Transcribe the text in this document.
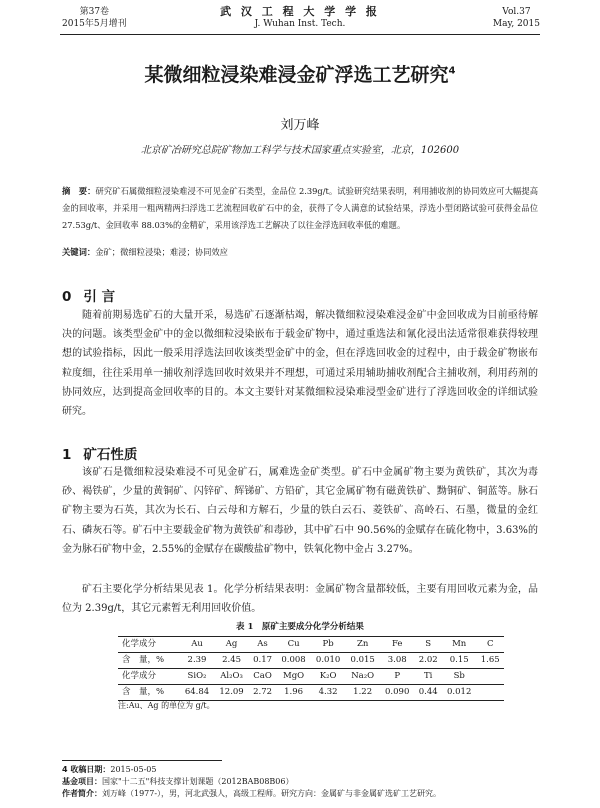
第37卷
2015年5月增刊
武 汉 工 程 大 学 学 报
J. Wuhan Inst. Tech.
Vol.37
May, 2015
某微细粒浸染难浸金矿浮选工艺研究$^4$
刘万峰
北京矿冶研究总院矿物加工科学与技术国家重点实验室，北京，102600
摘　要：研究矿石属微细粒浸染难浸不可见金矿石类型，金品位 2.39g/t。试验研究结果表明，利用捕收剂的协同效应可大幅提高金的回收率，并采用一粗两精两扫浮选工艺流程回收矿石中的金，获得了令人满意的试验结果，浮选小型闭路试验可获得金品位 27.53g/t、金回收率 88.03%的金精矿，采用该浮选工艺解决了以往金浮选回收率低的难题。
关键词：金矿；微细粒浸染；难浸；协同效应
0 引 言
随着前期易选矿石的大量开采，易选矿石逐渐枯竭，解决微细粒浸染难浸金矿中金回收成为目前亟待解决的问题。该类型金矿中的金以微细粒浸染嵌布于载金矿物中，通过重选法和氰化浸出法适常很难获得较理想的试验指标，因此一般采用浮选法回收该类型金矿中的金，但在浮选回收金的过程中，由于载金矿物嵌布粒度细，往往采用单一捕收剂浮选回收时效果并不理想，可通过采用辅助捕收剂配合主捕收剂，利用药剂的协同效应，达到提高金回收率的目的。本文主要针对某微细粒浸染难浸型金矿进行了浮选回收金的详细试验研究。
1 矿石性质
该矿石是微细粒浸染难浸不可见金矿石，属难选金矿类型。矿石中金属矿物主要为黄铁矿，其次为毒砂、褐铁矿，少量的黄铜矿、闪锌矿、辉锑矿、方铅矿，其它金属矿物有磁黄铁矿、黝铜矿、铜蓝等。脉石矿物主要为石英，其次为长石、白云母和方解石，少量的铁白云石、菱铁矿、高岭石、石墨，微量的金红石、磷灰石等。矿石中主要载金矿物为黄铁矿和毒砂，其中矿石中 90.56%的金赋存在硫化物中，3.63%的金为脉石矿物中金，2.55%的金赋存在碳酸盐矿物中，铁氧化物中金占 3.27%。
矿石主要化学分析结果见表 1。化学分析结果表明：金属矿物含量都较低，主要有用回收元素为金，品位为 2.39g/t，其它元素暂无利用回收价值。
表 1　原矿主要成分化学分析结果
化学成分	Au	Ag	As	Cu	Pb	Zn	Fe	S	Mn	C
含　量，%	2.39	2.45	0.17	0.008	0.010	0.015	3.08	2.02	0.15	1.65
化学成分	SiO₂	Al₂O₃	CaO	MgO	K₂O	Na₂O	P	Ti	Sb	
含　量，%	64.84	12.09	2.72	1.96	4.32	1.22	0.090	0.44	0.012	
注:Au、Ag 的单位为 g/t。
4 收稿日期：2015-05-05
基金项目：国家"十二五"科技支撑计划课题（2012BAB08B06）
作者简介：刘万峰（1977-），男，河北武强人，高级工程师。研究方向：金属矿与非金属矿选矿工艺研究。
